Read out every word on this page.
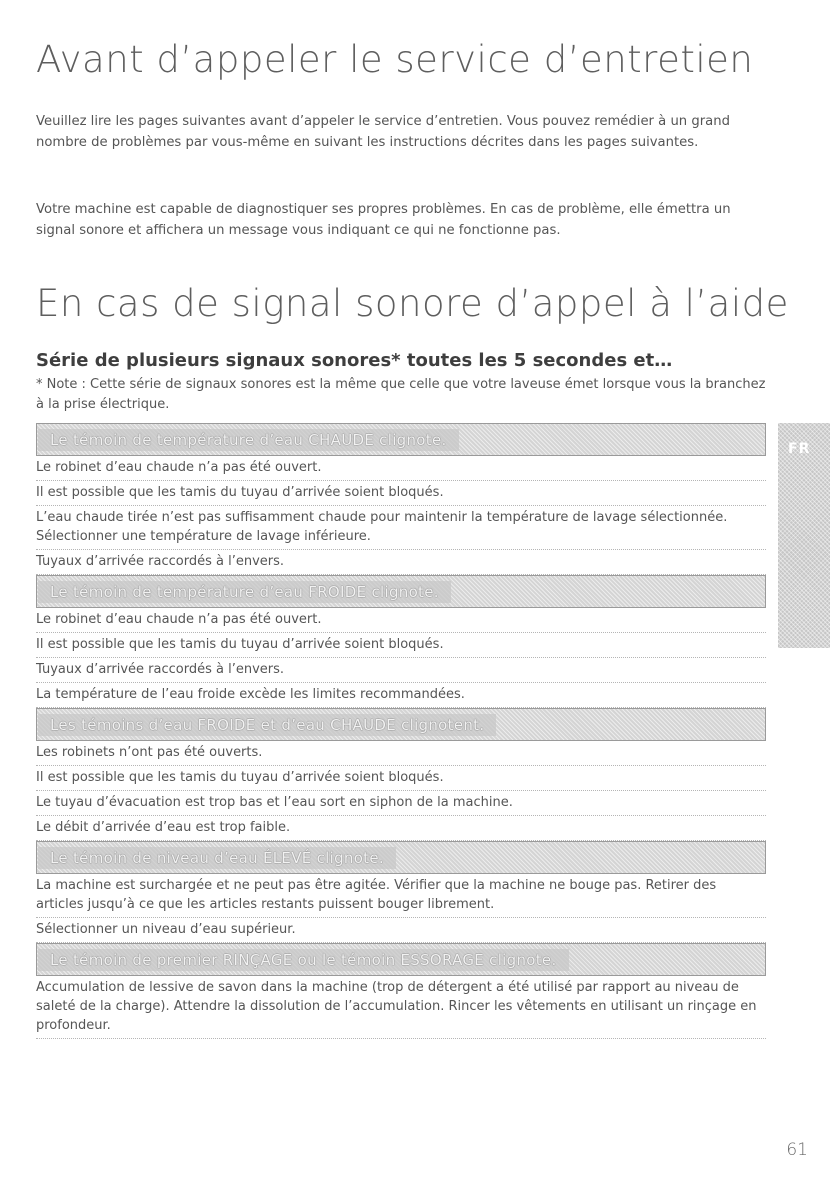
Avant d’appeler le service d’entretien

Veuillez lire les pages suivantes avant d’appeler le service d’entretien. Vous pouvez remédier à un grand nombre de problèmes par vous-même en suivant les instructions décrites dans les pages suivantes.

Votre machine est capable de diagnostiquer ses propres problèmes. En cas de problème, elle émettra un signal sonore et affichera un message vous indiquant ce qui ne fonctionne pas.

En cas de signal sonore d’appel à l’aide
Série de plusieurs signaux sonores* toutes les 5 secondes et…

* Note : Cette série de signaux sonores est la même que celle que votre laveuse émet lorsque vous la branchez à la prise électrique.

Le témoin de température d’eau CHAUDE clignote.
Le robinet d’eau chaude n’a pas été ouvert.
Il est possible que les tamis du tuyau d’arrivée soient bloqués.
L’eau chaude tirée n’est pas suffisamment chaude pour maintenir la température de lavage sélectionnée. Sélectionner une température de lavage inférieure.
Tuyaux d’arrivée raccordés à l’envers.
Le témoin de température d’eau FROIDE clignote.
Le robinet d’eau chaude n’a pas été ouvert.
Il est possible que les tamis du tuyau d’arrivée soient bloqués.
Tuyaux d’arrivée raccordés à l’envers.
La température de l’eau froide excède les limites recommandées.
Les témoins d’eau FROIDE et d’eau CHAUDE clignotent.
Les robinets n’ont pas été ouverts.
Il est possible que les tamis du tuyau d’arrivée soient bloqués.
Le tuyau d’évacuation est trop bas et l’eau sort en siphon de la machine.
Le débit d’arrivée d’eau est trop faible.
Le témoin de niveau d’eau ÉLEVÉ clignote.
La machine est surchargée et ne peut pas être agitée. Vérifier que la machine ne bouge pas. Retirer des articles jusqu’à ce que les articles restants puissent bouger librement.
Sélectionner un niveau d’eau supérieur.
Le témoin de premier RINÇAGE ou le témoin ESSORAGE clignote.
Accumulation de lessive de savon dans la machine (trop de détergent a été utilisé par rapport au niveau de saleté de la charge). Attendre la dissolution de l’accumulation. Rincer les vêtements en utilisant un rinçage en profondeur.
FR
61
